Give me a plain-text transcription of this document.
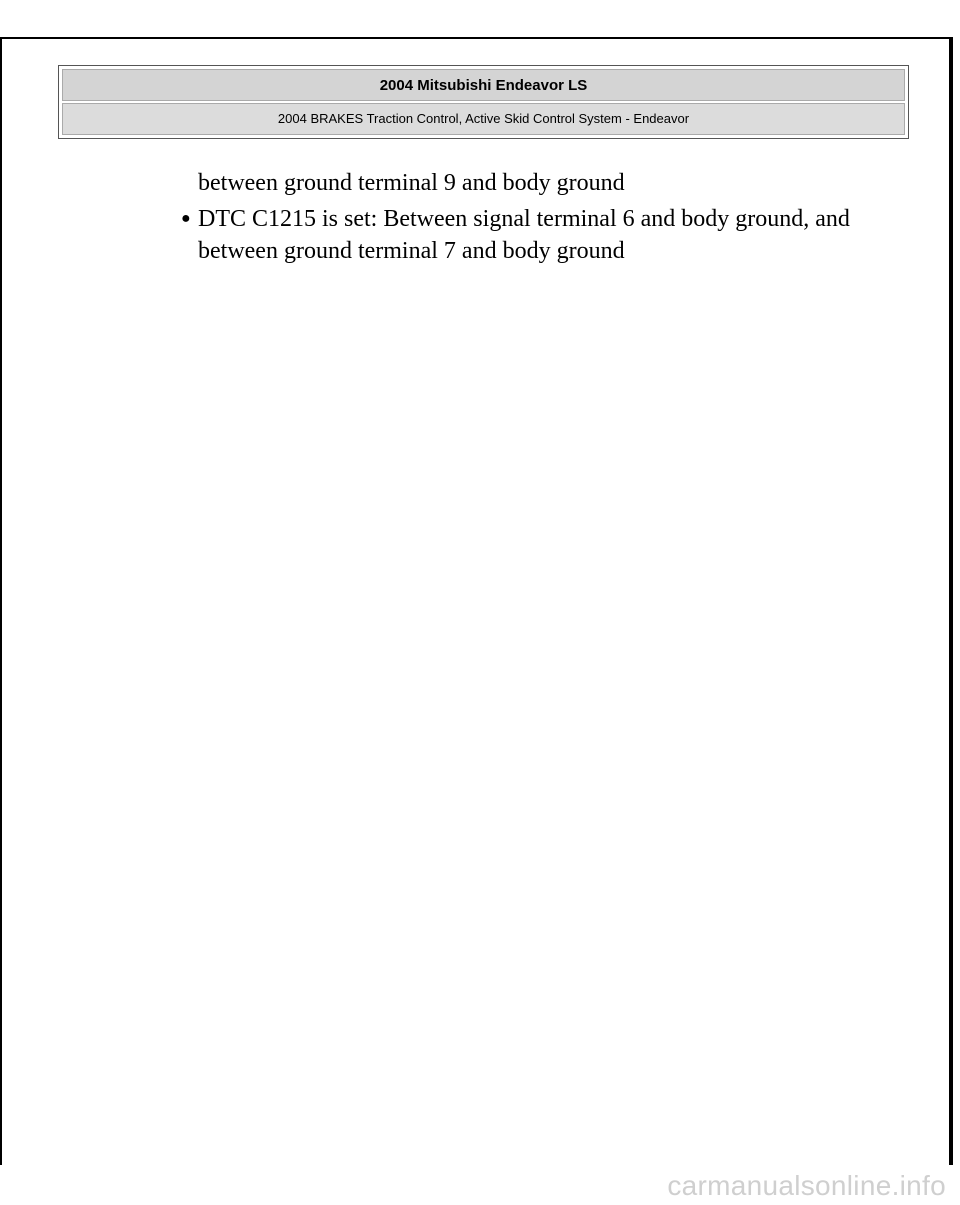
2004 Mitsubishi Endeavor LS
2004 BRAKES Traction Control, Active Skid Control System - Endeavor
between ground terminal 9 and body ground
● DTC C1215 is set: Between signal terminal 6 and body ground, and between ground terminal 7 and body ground
carmanualsonline.info
